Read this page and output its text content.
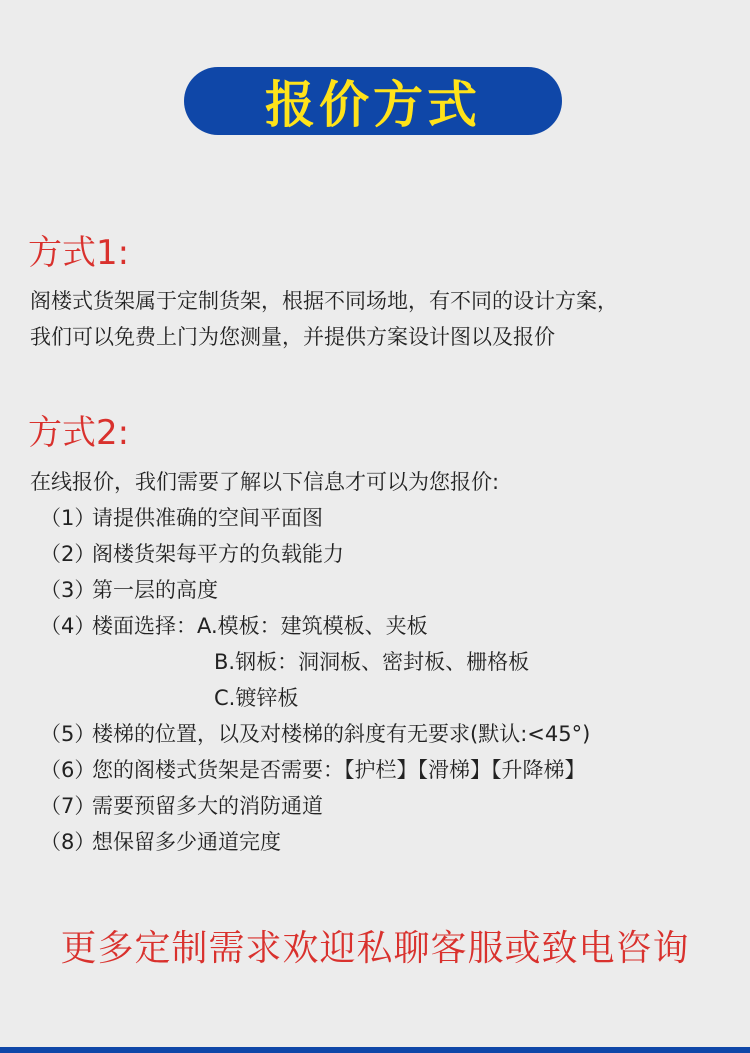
报价方式
方式1:
阁楼式货架属于定制货架，根据不同场地，有不同的设计方案，
我们可以免费上门为您测量，并提供方案设计图以及报价
方式2:
在线报价，我们需要了解以下信息才可以为您报价:
（1）
请提供准确的空间平面图
（2）
阁楼货架每平方的负载能力
（3）
第一层的高度
（4）
楼面选择：A.模板：建筑模板、夹板
B.钢板：洞洞板、密封板、栅格板
C.镀锌板
（5）
楼梯的位置，以及对楼梯的斜度有无要求(默认:<45°)
（6）
您的阁楼式货架是否需要：【护栏】【滑梯】【升降梯】
（7）
需要预留多大的消防通道
（8）
想保留多少通道完度
更多定制需求欢迎私聊客服或致电咨询
